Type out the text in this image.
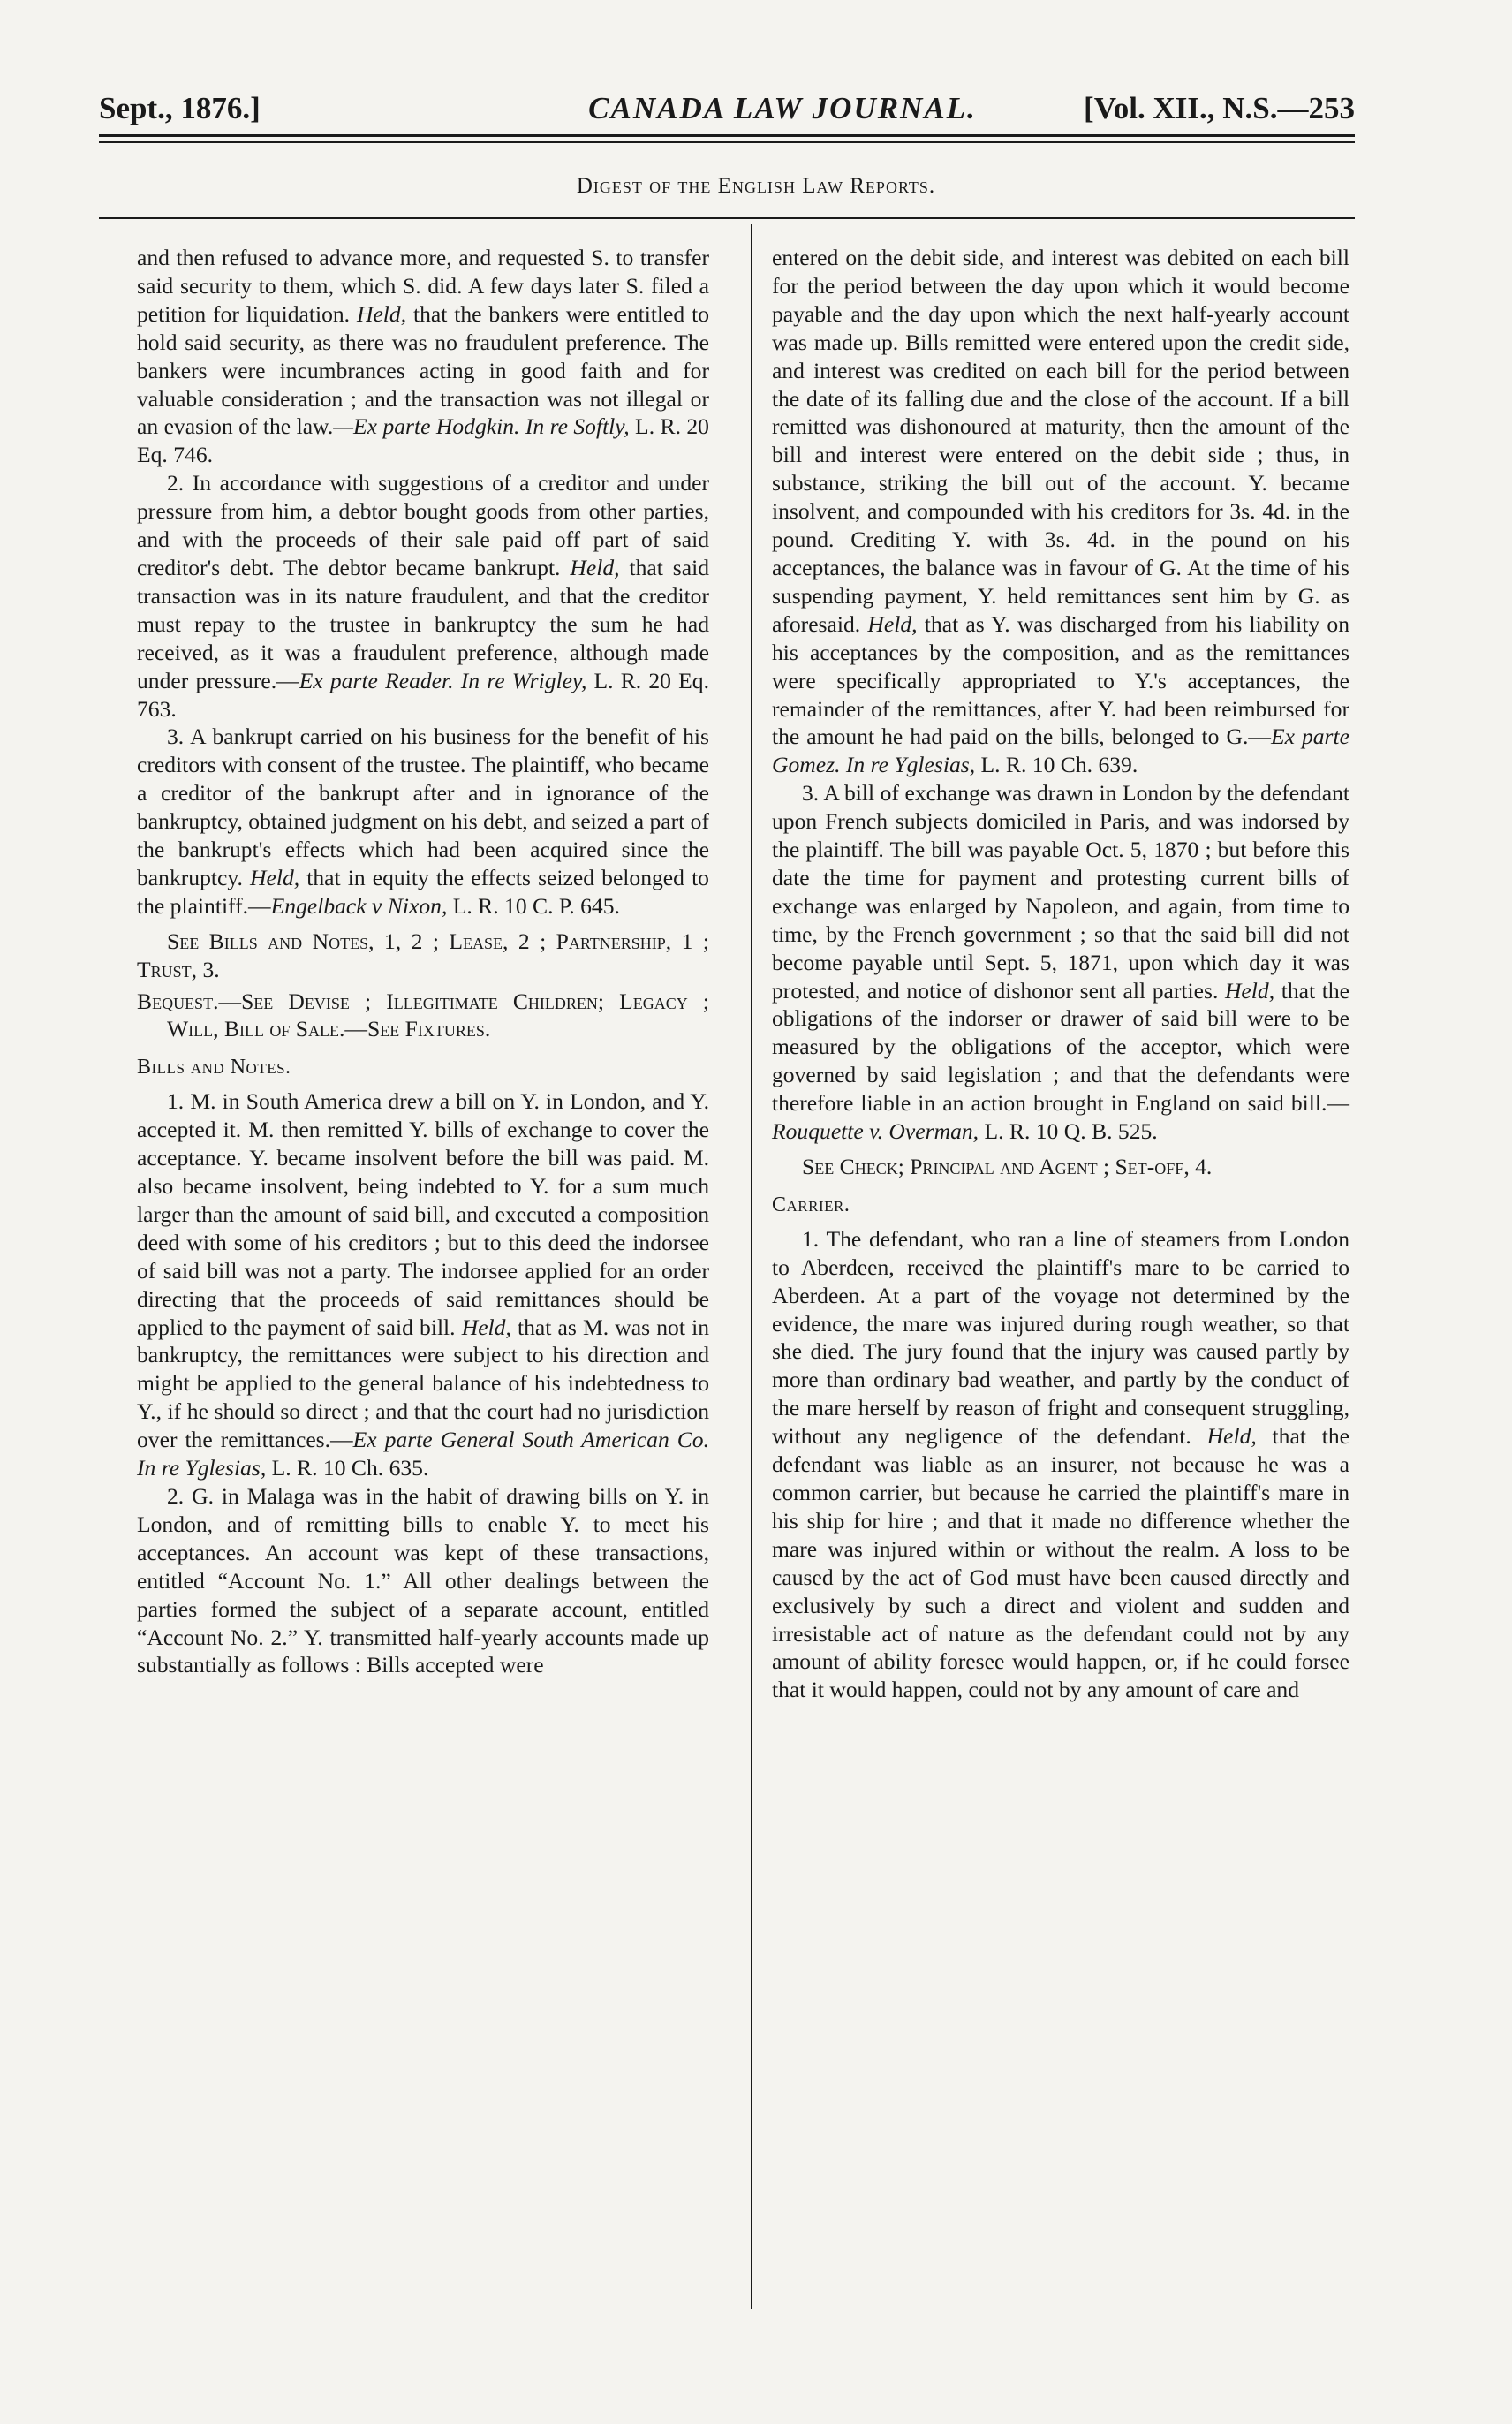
Sept., 1876.]	CANADA LAW JOURNAL.	[Vol. XII., N.S.—253
Digest of the English Law Reports.

and then refused to advance more, and requested S. to transfer said security to them, which S. did. A few days later S. filed a petition for liquidation. Held, that the bankers were entitled to hold said security, as there was no fraudulent preference. The bankers were incumbrances acting in good faith and for valuable consideration ; and the transaction was not illegal or an evasion of the law.—Ex parte Hodgkin. In re Softly, L. R. 20 Eq. 746.

2. In accordance with suggestions of a creditor and under pressure from him, a debtor bought goods from other parties, and with the proceeds of their sale paid off part of said creditor's debt. The debtor became bankrupt. Held, that said transaction was in its nature fraudulent, and that the creditor must repay to the trustee in bankruptcy the sum he had received, as it was a fraudulent preference, although made under pressure.—Ex parte Reader. In re Wrigley, L. R. 20 Eq. 763.

3. A bankrupt carried on his business for the benefit of his creditors with consent of the trustee. The plaintiff, who became a creditor of the bankrupt after and in ignorance of the bankruptcy, obtained judgment on his debt, and seized a part of the bankrupt's effects which had been acquired since the bankruptcy. Held, that in equity the effects seized belonged to the plaintiff.—Engelback v Nixon, L. R. 10 C. P. 645.

See Bills and Notes, 1, 2 ; Lease, 2 ; Partnership, 1 ; Trust, 3.

Bequest.—See Devise ; Illegitimate Children; Legacy ; Will, Bill of Sale.—See Fixtures.

Bills and Notes.

1. M. in South America drew a bill on Y. in London, and Y. accepted it. M. then remitted Y. bills of exchange to cover the acceptance. Y. became insolvent before the bill was paid. M. also became insolvent, being indebted to Y. for a sum much larger than the amount of said bill, and executed a composition deed with some of his creditors ; but to this deed the indorsee of said bill was not a party. The indorsee applied for an order directing that the proceeds of said remittances should be applied to the payment of said bill. Held, that as M. was not in bankruptcy, the remittances were subject to his direction and might be applied to the general balance of his indebtedness to Y., if he should so direct ; and that the court had no jurisdiction over the remittances.—Ex parte General South American Co. In re Yglesias, L. R. 10 Ch. 635.

2. G. in Malaga was in the habit of drawing bills on Y. in London, and of remitting bills to enable Y. to meet his acceptances. An account was kept of these transactions, entitled “Account No. 1.” All other dealings between the parties formed the subject of a separate account, entitled “Account No. 2.” Y. transmitted half-yearly accounts made up substantially as follows : Bills accepted were

entered on the debit side, and interest was debited on each bill for the period between the day upon which it would become payable and the day upon which the next half-yearly account was made up. Bills remitted were entered upon the credit side, and interest was credited on each bill for the period between the date of its falling due and the close of the account. If a bill remitted was dishonoured at maturity, then the amount of the bill and interest were entered on the debit side ; thus, in substance, striking the bill out of the account. Y. became insolvent, and compounded with his creditors for 3s. 4d. in the pound. Crediting Y. with 3s. 4d. in the pound on his acceptances, the balance was in favour of G. At the time of his suspending payment, Y. held remittances sent him by G. as aforesaid. Held, that as Y. was discharged from his liability on his acceptances by the composition, and as the remittances were specifically appropriated to Y.'s acceptances, the remainder of the remittances, after Y. had been reimbursed for the amount he had paid on the bills, belonged to G.—Ex parte Gomez. In re Yglesias, L. R. 10 Ch. 639.

3. A bill of exchange was drawn in London by the defendant upon French subjects domiciled in Paris, and was indorsed by the plaintiff. The bill was payable Oct. 5, 1870 ; but before this date the time for payment and protesting current bills of exchange was enlarged by Napoleon, and again, from time to time, by the French government ; so that the said bill did not become payable until Sept. 5, 1871, upon which day it was protested, and notice of dishonor sent all parties. Held, that the obligations of the indorser or drawer of said bill were to be measured by the obligations of the acceptor, which were governed by said legislation ; and that the defendants were therefore liable in an action brought in England on said bill.—Rouquette v. Overman, L. R. 10 Q. B. 525.

See Check; Principal and Agent ; Set-off, 4.

Carrier.

1. The defendant, who ran a line of steamers from London to Aberdeen, received the plaintiff's mare to be carried to Aberdeen. At a part of the voyage not determined by the evidence, the mare was injured during rough weather, so that she died. The jury found that the injury was caused partly by more than ordinary bad weather, and partly by the conduct of the mare herself by reason of fright and consequent struggling, without any negligence of the defendant. Held, that the defendant was liable as an insurer, not because he was a common carrier, but because he carried the plaintiff's mare in his ship for hire ; and that it made no difference whether the mare was injured within or without the realm. A loss to be caused by the act of God must have been caused directly and exclusively by such a direct and violent and sudden and irresistable act of nature as the defendant could not by any amount of ability foresee would happen, or, if he could forsee that it would happen, could not by any amount of care and
